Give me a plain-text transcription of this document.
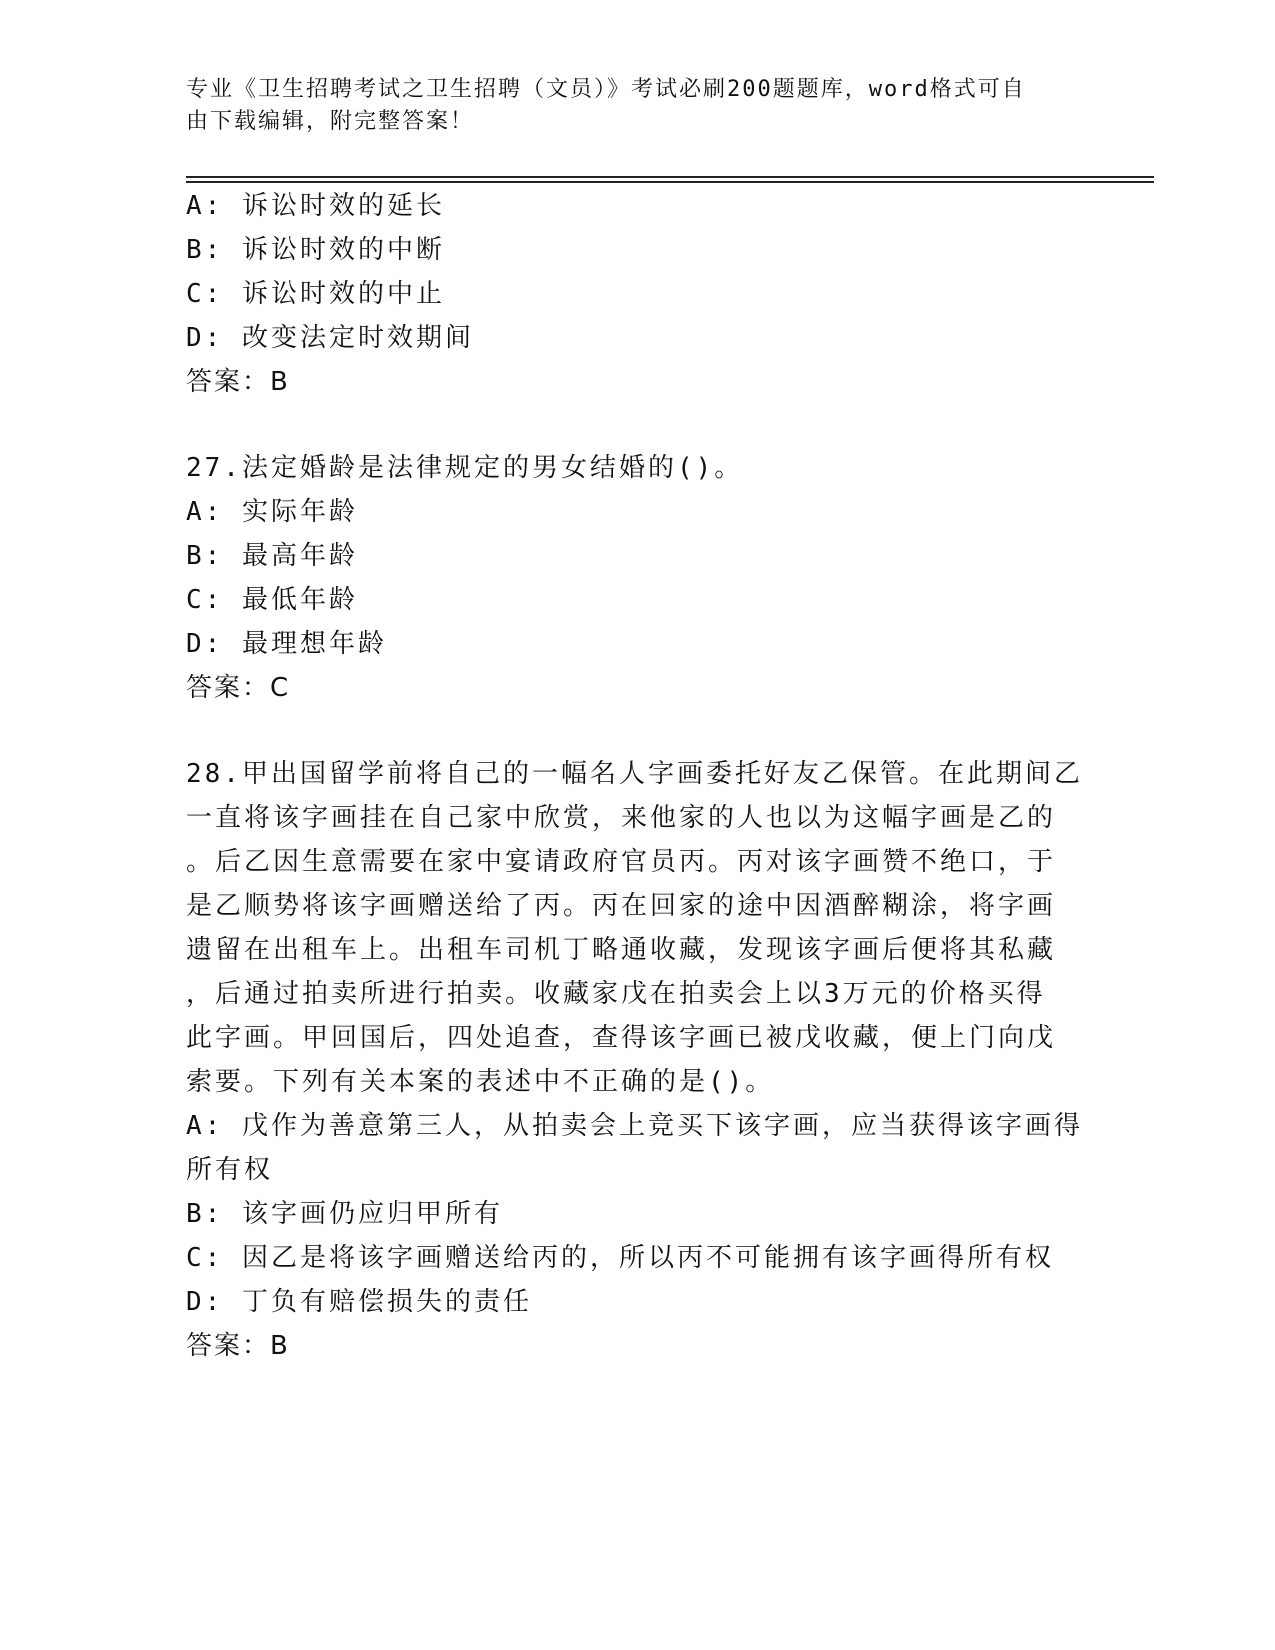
专业《卫生招聘考试之卫生招聘（文员）》考试必刷200题题库，word格式可自
由下载编辑，附完整答案！
A: 诉讼时效的延长
B: 诉讼时效的中断
C: 诉讼时效的中止
D: 改变法定时效期间
答案：B
27.法定婚龄是法律规定的男女结婚的()。
A: 实际年龄
B: 最高年龄
C: 最低年龄
D: 最理想年龄
答案：C
28.甲出国留学前将自己的一幅名人字画委托好友乙保管。在此期间乙
一直将该字画挂在自己家中欣赏，来他家的人也以为这幅字画是乙的
。后乙因生意需要在家中宴请政府官员丙。丙对该字画赞不绝口，于
是乙顺势将该字画赠送给了丙。丙在回家的途中因酒醉糊涂，将字画
遗留在出租车上。出租车司机丁略通收藏，发现该字画后便将其私藏
，后通过拍卖所进行拍卖。收藏家戊在拍卖会上以3万元的价格买得
此字画。甲回国后，四处追查，查得该字画已被戊收藏，便上门向戊
索要。下列有关本案的表述中不正确的是()。
A: 戊作为善意第三人，从拍卖会上竞买下该字画，应当获得该字画得
所有权
B: 该字画仍应归甲所有
C: 因乙是将该字画赠送给丙的，所以丙不可能拥有该字画得所有权
D: 丁负有赔偿损失的责任
答案：B
